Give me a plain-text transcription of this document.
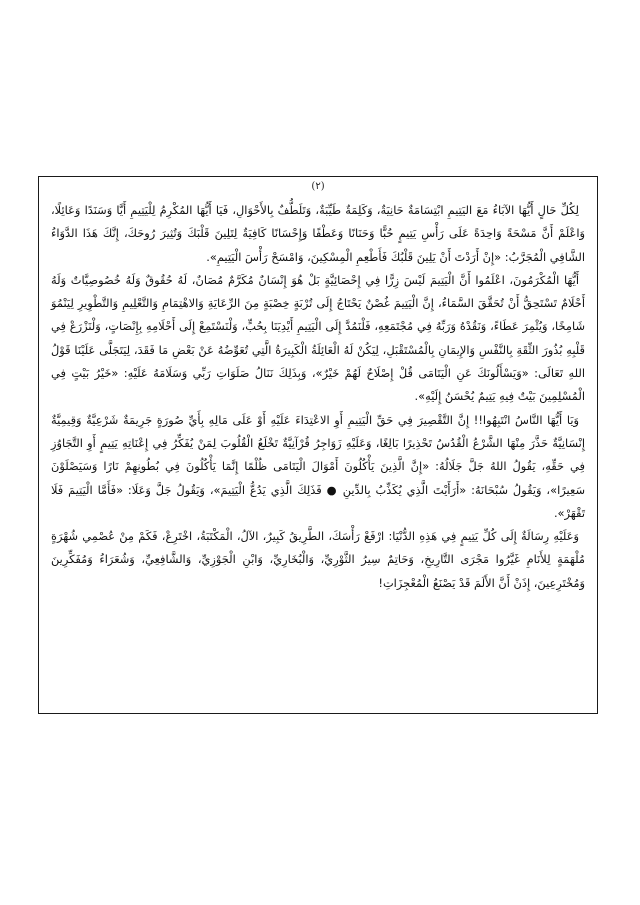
(٢)

لِكُلِّ حَالٍ أَيُّهَا الآبَاءُ مَعَ اليَتِيمِ ابْتِسَامَةٌ حَانِيَةٌ، وَكَلِمَةٌ طَيِّبَةٌ، وَتَلَطُّفٌ بِالأَحْوَالِ، فَيَا أَيُّهَا المُكْرِمُ لِلْيَتِيمِ أَيَّا وَسَنَدًا وَعَائِلًا، وَاعْلَمْ أَنَّ مَسْحَةً وَاحِدَةً عَلَى رَأْسِ يَتِيمٍ حُبًّا وَحَنَانًا وَعَطْفًا وَإِحْسَانًا كَافِيَةٌ لِتَلِينَ قَلْبَكَ وَتُثِيرَ رُوحَكَ، إِنَّكَ هَذَا الدَّوَاءُ الشَّافِي الْمُجَرَّبُ: «إِنْ أَرَدْتَ أَنْ يَلِينَ قَلْبُكَ فَأَطْعِمِ الْمِسْكِينَ، وَامْسَحْ رَأْسَ الْيَتِيمِ».

أَيُّهَا الْمُكْرَمُونَ، اعْلَمُوا أَنَّ الْيَتِيمَ لَيْسَ زِرًّا فِي إِحْصَائِيَّةٍ بَلْ هُوَ إِنْسَانٌ مُكَرَّمٌ مُصَانٌ، لَهُ حُقُوقٌ وَلَهُ خُصُوصِيَّاتٌ وَلَهُ أَحْلَامٌ تَسْتَحِقُّ أَنْ تُحَقَّقَ السَّمَاءُ، إِنَّ الْيَتِيمَ غُصْنٌ يَحْتَاجُ إِلَى تُرْبَةٍ خِصْبَةٍ مِنَ الرِّعَايَةِ وَالاهْتِمَامِ وَالتَّعْلِيمِ وَالتَّطْوِيرِ لِيَنْمُوَ شَامِخًا، وَيُثْمِرَ عَطَاءً، وَنَقُدْهُ وَرَبِّهُ فِي مُجْتَمَعِهِ، فَلْنَمُدَّ إِلَى الْيَتِيمِ أَيْدِيَنَا بِحُبٍّ، وَلْنَسْتَمِعْ إِلَى أَحْلَامِهِ بِإِنْصَاتٍ، وَلْنَزْرَعْ فِي قَلْبِهِ بُذُورَ الثِّقَةِ بِالنَّفْسِ وَالإِيمَانِ بِالْمُسْتَقْبَلِ، لِيَكُنْ لَهُ الْعَائِلَةُ الْكَبِيرَةُ الَّتِي تُعَوِّضُهُ عَنْ بَعْضِ مَا فَقَدَ، لِيَتَجَلَّى عَلَيْنَا قَوْلُ اللهِ تَعَالَى: «وَيَسْأَلُونَكَ عَنِ الْيَتَامَى قُلْ إِصْلَاحٌ لَهُمْ خَيْرٌ»، وَبِذَلِكَ نَنَالُ صَلَوَاتِ رَبِّي وَسَلَامَهُ عَلَيْهِ: «خَيْرُ بَيْتٍ فِي الْمُسْلِمِينَ بَيْتٌ فِيهِ يَتِيمٌ يُحْسَنُ إِلَيْهِ».

وَيَا أَيُّهَا النَّاسُ انْتَبِهُوا!! إِنَّ التَّقْصِيرَ فِي حَقِّ الْيَتِيمِ أَوِ الاعْتِدَاءَ عَلَيْهِ أَوْ عَلَى مَالِهِ بِأَيِّ صُورَةٍ جَرِيمَةٌ شَرْعِيَّةٌ وَقِيمِيَّةٌ إِنْسَانِيَّةٌ حَذَّرَ مِنْهَا الشَّرْعُ الْقُدُسُ تَحْذِيرًا بَالِغًا، وَعَلَيْهِ زَوَاجِرُ قُرْآنِيَّةٌ تَخْلَعُ الْقُلُوبَ لِمَنْ يُفَكِّرُ فِي إِعْنَاتِهِ يَتِيمٍ أَوِ التَّجَاوُزِ فِي حَقِّهِ، يَقُولُ اللهُ جَلَّ جَلَالُهُ: «إِنَّ الَّذِينَ يَأْكُلُونَ أَمْوَالَ الْيَتَامَى ظُلْمًا إِنَّمَا يَأْكُلُونَ فِي بُطُونِهِمْ نَارًا وَسَيَصْلَوْنَ سَعِيرًا»، وَيَقُولُ سُبْحَانَهُ: «أَرَأَيْتَ الَّذِي يُكَذِّبُ بِالدِّينِ ● فَذَلِكَ الَّذِي يَدُعُّ الْيَتِيمَ»، وَيَقُولُ جَلَّ وَعَلَا: «فَأَمَّا الْيَتِيمَ فَلَا تَقْهَرْ».

وَعَلَيْهِ رِسَالَةٌ إِلَى كُلِّ يَتِيمٍ فِي هَذِهِ الدُّنْيَا: ارْفَعْ رَأْسَكَ، الطَّرِيقُ كَبِيرٌ، الآلُ، الْمَكْتَبَةُ، اخْتَرِعْ، فَكَمْ مِنْ عُصْمِي شُهْرَةٍ مُلْهَمَةٍ لِلأَنَامِ غَيَّرُوا مَجْرَى التَّارِيخِ، وَحَاتِمٌ سِيرُ الثَّوْرِيِّ، وَالْبُخَارِيِّ، وَابْنِ الْجَوْزِيِّ، وَالشَّافِعِيِّ، وَشُعَرَاءُ وَمُفَكِّرِينَ وَمُخْتَرِعِينَ، إِذَنْ أَنَّ الأَلَمَ قَدْ يَصْنَعُ الْمُعْجِزَاتِ!
